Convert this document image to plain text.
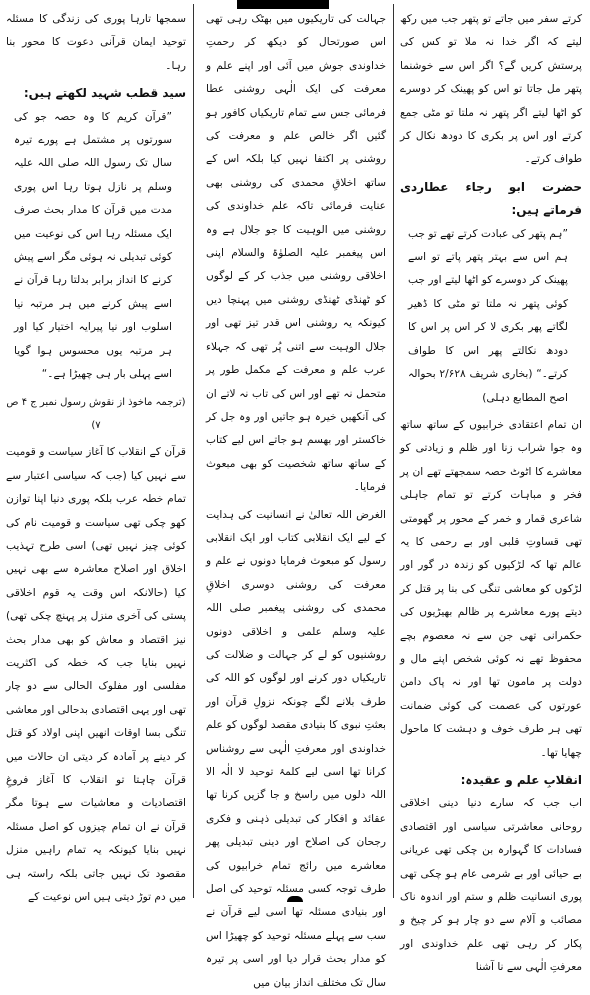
کرتے سفر میں جاتے تو پتھر جب میں رکھ لیتے کہ اگر خدا نہ ملا تو کس کی پرستش کریں گے؟ اگر اس سے خوشنما پتھر مل جاتا تو اس کو پھینک کر دوسرے کو اٹھا لیتے اگر پتھر نہ ملتا تو مٹی جمع کرتے اور اس پر بکری کا دودھ نکال کر طواف کرتے۔

حضرت ابو رجاء عطاردی فرماتے ہیں:

”ہم پتھر کی عبادت کرتے تھے تو جب ہم اس سے بہتر پتھر پاتے تو اسے پھینک کر دوسرے کو اٹھا لیتے اور جب کوئی پتھر نہ ملتا تو مٹی کا ڈھیر لگاتے پھر بکری لا کر اس پر اس کا دودھ نکالتے پھر اس کا طواف کرتے۔“ (بخاری شریف ۲/۶۲۸ بحوالہ اصح المطابع دہلی)

ان تمام اعتقادی خرابیوں کے ساتھ ساتھ وہ جوا شراب زنا اور ظلم و زیادتی کو معاشرے کا اٹوٹ حصہ سمجھتے تھے ان پر فخر و مباہات کرتے تو تمام جاہلی شاعری قمار و خمر کے محور پر گھومتی تھی قساوتِ قلبی اور بے رحمی کا یہ عالم تھا کہ لڑکیوں کو زندہ در گور اور لڑکوں کو معاشی تنگی کی بنا پر قتل کر دیتے پورے معاشرے پر ظالم بھیڑیوں کی حکمرانی تھی جن سے نہ معصوم بچے محفوظ تھے نہ کوئی شخص اپنے مال و دولت پر مامون تھا اور نہ پاک دامن عورتوں کی عصمت کی کوئی ضمانت تھی ہر طرف خوف و دہشت کا ماحول چھایا تھا۔

انقلابِ علم و عقیدہ:

اب جب کہ سارے دنیا دینی اخلاقی روحانی معاشرتی سیاسی اور اقتصادی فسادات کا گہوارہ بن چکی تھی عریانی بے حیائی اور بے شرمی عام ہو چکی تھی پوری انسانیت ظلم و ستم اور اندوہ ناک مصائب و آلام سے دو چار ہو کر چیخ و پکار کر رہی تھی علم خداوندی اور معرفتِ الٰہی سے نا آشنا

جہالت کی تاریکیوں میں بھٹک رہی تھی اس صورتحال کو دیکھ کر رحمتِ خداوندی جوش میں آئی اور اپنے علم و معرفت کی ایک الٰہی روشنی عطا فرمائی جس سے تمام تاریکیاں کافور ہو گئیں اگر خالص علم و معرفت کی روشنی پر اکتفا نہیں کیا بلکہ اس کے ساتھ اخلاقِ محمدی کی روشنی بھی عنایت فرمائی تاکہ علم خداوندی کی روشنی میں الوہیت کا جو جلال ہے وہ اس پیغمبر علیہ الصلوٰۃ والسلام اپنی اخلاقی روشنی میں جذب کر کے لوگوں کو ٹھنڈی ٹھنڈی روشنی میں پہنچا دیں کیونکہ یہ روشنی اس قدر تیز تھی اور جلال الوہیت سے اتنی پُر تھی کہ جہلاء عرب علم و معرفت کے مکمل طور پر متحمل نہ تھے اور اس کی تاب نہ لاتے ان کی آنکھیں خیرہ ہو جاتیں اور وہ جل کر خاکستر اور بھسم ہو جاتے اس لیے کتاب کے ساتھ ساتھ شخصیت کو بھی مبعوث فرمایا۔

الغرض اللہ تعالیٰ نے انسانیت کی ہدایت کے لیے ایک انقلابی کتاب اور ایک انقلابی رسول کو مبعوث فرمایا دونوں نے علم و معرفت کی روشنی دوسری اخلاقِ محمدی کی روشنی پیغمبر صلی اللہ علیہ وسلم علمی و اخلاقی دونوں روشنیوں کو لے کر جہالت و ضلالت کی تاریکیاں دور کرنے اور لوگوں کو اللہ کی طرف بلانے لگے چونکہ نزولِ قرآن اور بعثتِ نبوی کا بنیادی مقصد لوگوں کو علم خداوندی اور معرفتِ الٰہی سے روشناس کرانا تھا اسی لیے کلمۂ توحید لا الٰہ الا اللہ دلوں میں راسخ و جا گزیں کرنا تھا عقائد و افکار کی تبدیلی ذہنی و فکری رجحان کی اصلاح اور دینی تبدیلی پھر معاشرے میں رائج تمام خرابیوں کی طرف توجہ کسی مسئلہ توحید کی اصل اور بنیادی مسئلہ تھا اسی لیے قرآن نے سب سے پہلے مسئلہ توحید کو چھیڑا اس کو مدار بحث قرار دیا اور اسی پر تیرہ سال تک مختلف انداز بیان میں

سمجھا تارہا پوری کی زندگی کا مسئلہ توحید ایمان قرآنی دعوت کا محور بنا رہا۔

سید قطب شہید لکھتے ہیں:

”قرآن کریم کا وہ حصہ جو کی سورتوں پر مشتمل ہے پورے تیرہ سال تک رسول اللہ صلی اللہ علیہ وسلم پر نازل ہوتا رہا اس پوری مدت میں قرآن کا مدار بحث صرف ایک مسئلہ رہا اس کی نوعیت میں کوئی تبدیلی نہ ہوئی مگر اسے پیش کرنے کا انداز برابر بدلتا رہا قرآن نے اسے پیش کرنے میں ہر مرتبہ نیا اسلوب اور نیا پیرایہ اختیار کیا اور ہر مرتبہ یوں محسوس ہوا گویا اسے پہلی بار ہی چھیڑا ہے۔“

(ترجمہ ماخوذ از نقوش رسول نمبر ج ۴ ص ۷)

قرآن کے انقلاب کا آغاز سیاست و قومیت سے نہیں کیا (جب کہ سیاسی اعتبار سے تمام خطہ عرب بلکہ پوری دنیا اپنا توازن کھو چکی تھی سیاست و قومیت نام کی کوئی چیز نہیں تھی) اسی طرح تہذیب اخلاق اور اصلاح معاشرہ سے بھی نہیں کیا (حالانکہ اس وقت یہ قوم اخلاقی پستی کی آخری منزل پر پہنچ چکی تھی) نیز اقتصاد و معاش کو بھی مدار بحث نہیں بنایا جب کہ خطہ کی اکثریت مفلسی اور مفلوک الحالی سے دو چار تھی اور یہی اقتصادی بدحالی اور معاشی تنگی بسا اوقات انھیں اپنی اولاد کو قتل کر دینے پر آمادہ کر دیتی ان حالات میں قرآن چاہتا تو انقلاب کا آغاز فروغِ اقتصادیات و معاشیات سے ہوتا مگر قرآن نے ان تمام چیزوں کو اصل مسئلہ نہیں بنایا کیونکہ یہ تمام راہیں منزل مقصود تک نہیں جاتی بلکہ راستہ ہی میں دم توڑ دیتی ہیں اس نوعیت کے
